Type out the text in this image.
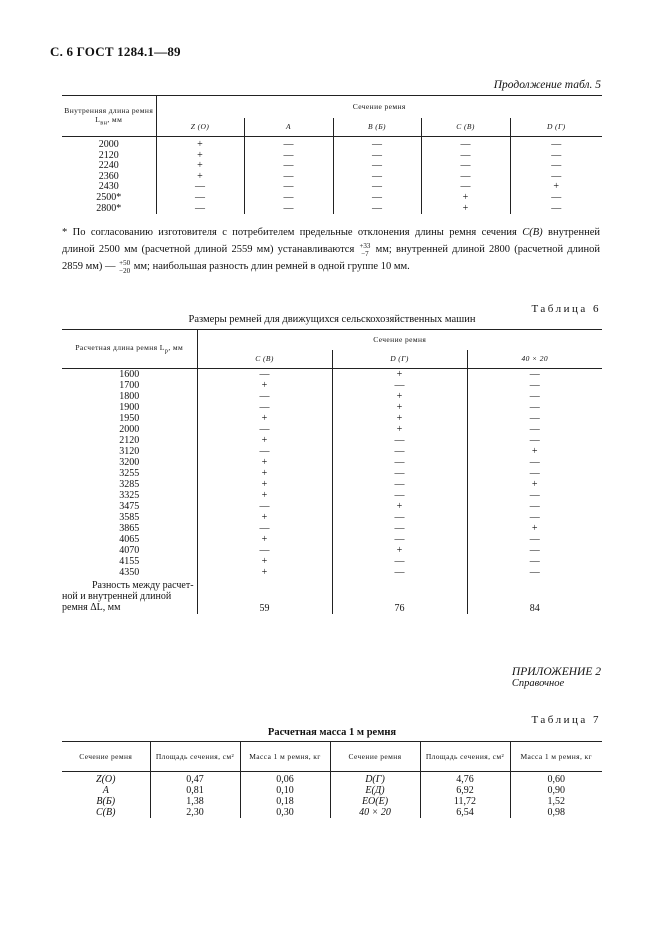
С. 6 ГОСТ 1284.1—89
Продолжение табл. 5
Внутренняя длина ремня $L_{вн}$, мм	Сечение ремня				
	Z (O)	A	B (Б)	C (B)	D (Г)
2000	+	—	—	—	—
2120	+	—	—	—	—
2240	+	—	—	—	—
2360	+	—	—	—	—
2430	—	—	—	—	+
2500*	—	—	—	+	—
2800*	—	—	—	+	—
* По согласованию изготовителя с потребителем предельные отклонения длины ремня сечения C(B) внутренней длиной 2500 мм (расчетной длиной 2559 мм) устанавливаются +33
−7 мм; внутренней длиной 2800 (расчетной длиной 2859 мм) — +50
−20 мм; наибольшая разность длин ремней в одной группе 10 мм.
Таблица 6
Размеры ремней для движущихся сельскохозяйственных машин
Расчетная длина ремня $L_р$, мм	Сечение ремня		
	C (B)	D (Г)	40 × 20
1600	—	+	—
1700	+	—	—
1800	—	+	—
1900	—	+	—
1950	+	+	—
2000	—	+	—
2120	+	—	—
3120	—	—	+
3200	+	—	—
3255	+	—	—
3285	+	—	+
3325	+	—	—
3475	—	+	—
3585	+	—	—
3865	—	—	+
4065	+	—	—
4070	—	+	—
4155	+	—	—
4350	+	—	—

Разность между расчет-
ной и внутренней длиной
ремня ΔL, мм	59	76	84
ПРИЛОЖЕНИЕ 2
Справочное
Таблица 7
Расчетная масса 1 м ремня
Сечение ремня	Площадь сечения, см²	Масса 1 м ремня, кг	Сечение ремня	Площадь сечения, см²	Масса 1 м ремня, кг
Z(O)	0,47	0,06	D(Г)	4,76	0,60
A	0,81	0,10	E(Д)	6,92	0,90
B(Б)	1,38	0,18	EO(E)	11,72	1,52
C(B)	2,30	0,30	40 × 20	6,54	0,98
